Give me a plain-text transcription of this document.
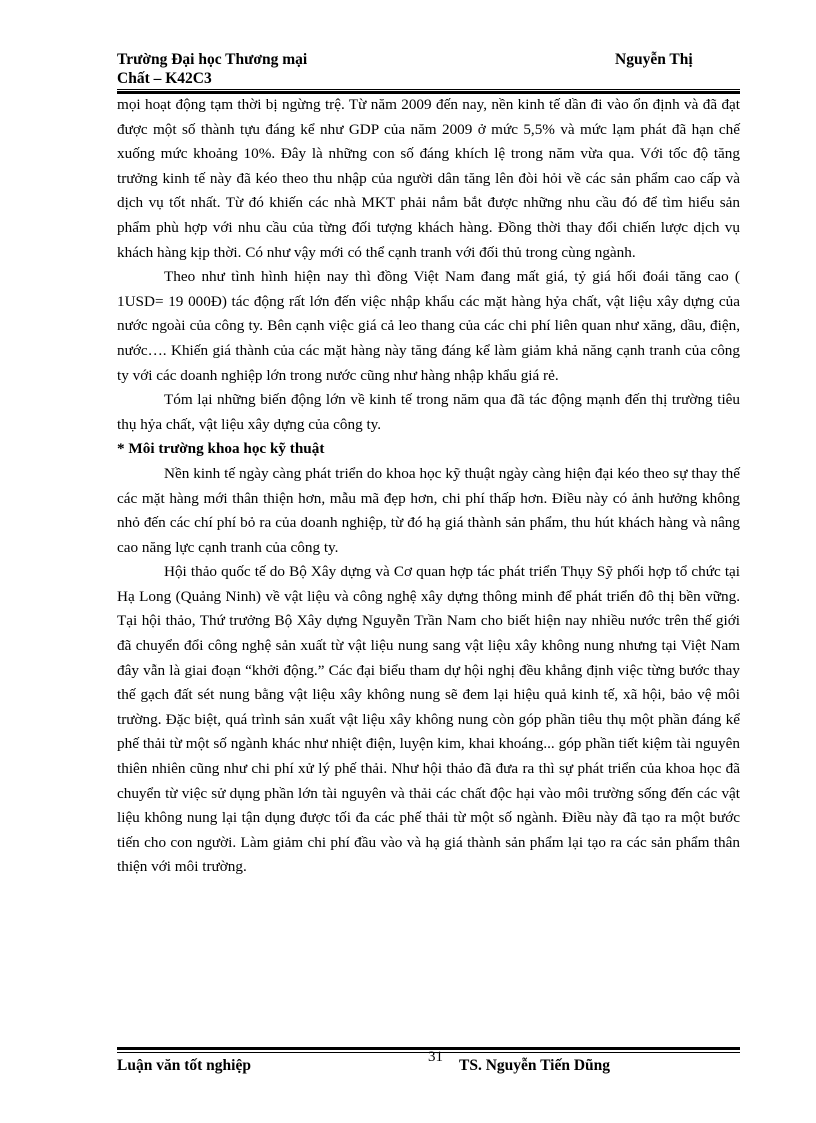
Trường Đại học Thương mại	Nguyễn Thị
Chất – K42C3

mọi hoạt động tạm thời bị ngừng trệ. Từ năm 2009 đến nay, nền kinh tế dần đi vào ổn định và đã đạt được một số thành tựu đáng kể như GDP của năm 2009 ở mức 5,5% và mức lạm phát đã hạn chế xuống mức khoảng 10%. Đây là những con số đáng khích lệ trong năm vừa qua. Với tốc độ tăng trưởng kinh tế này đã kéo theo thu nhập của người dân tăng lên đòi hỏi về các sản phẩm cao cấp và dịch vụ tốt nhất. Từ đó khiến các nhà MKT phải nắm bắt được những nhu cầu đó để tìm hiểu sản phẩm phù hợp với nhu cầu của từng đối tượng khách hàng. Đồng thời thay đổi chiến lược dịch vụ khách hàng kịp thời. Có như vậy mới có thể cạnh tranh với đối thủ trong cùng ngành.

Theo như tình hình hiện nay thì đồng Việt Nam đang mất giá, tỷ giá hối đoái tăng cao ( 1USD= 19 000Đ) tác động rất lớn đến việc nhập khẩu các mặt hàng hỷa chất, vật liệu xây dựng của nước ngoài của công ty. Bên cạnh việc giá cả leo thang của các chi phí liên quan như xăng, dầu, điện, nước…. Khiến giá thành của các mặt hàng này tăng đáng kể làm giảm khả năng cạnh tranh của công ty với các doanh nghiệp lớn trong nước cũng như hàng nhập khẩu giá rẻ.

Tóm lại những biến động lớn về kinh tế trong năm qua đã tác động mạnh đến thị trường tiêu thụ hỷa chất, vật liệu xây dựng của công ty.

* Môi trường khoa học kỹ thuật

Nền kinh tế ngày càng phát triển do khoa học kỹ thuật ngày càng hiện đại kéo theo sự thay thế các mặt hàng mới thân thiện hơn, mẫu mã đẹp hơn, chi phí thấp hơn. Điều này có ảnh hưởng không nhỏ đến các chí phí bỏ ra của doanh nghiệp, từ đó hạ giá thành sản phẩm, thu hút khách hàng và nâng cao năng lực cạnh tranh của công ty.

Hội thảo quốc tế do Bộ Xây dựng và Cơ quan hợp tác phát triển Thụy Sỹ phối hợp tổ chức tại Hạ Long (Quảng Ninh) về vật liệu và công nghệ xây dựng thông minh để phát triển đô thị bền vững. Tại hội thảo, Thứ trưởng Bộ Xây dựng Nguyễn Trần Nam cho biết hiện nay nhiều nước trên thế giới đã chuyển đổi công nghệ sản xuất từ vật liệu nung sang vật liệu xây không nung nhưng tại Việt Nam đây vẫn là giai đoạn “khởi động.” Các đại biểu tham dự hội nghị đều khẳng định việc từng bước thay thế gạch đất sét nung bằng vật liệu xây không nung sẽ đem lại hiệu quả kinh tế, xã hội, bảo vệ môi trường. Đặc biệt, quá trình sản xuất vật liệu xây không nung còn góp phần tiêu thụ một phần đáng kể phế thải từ một số ngành khác như nhiệt điện, luyện kim, khai khoáng... góp phần tiết kiệm tài nguyên thiên nhiên cũng như chi phí xử lý phế thải. Như hội thảo đã đưa ra thì sự phát triển của khoa học đã chuyển từ việc sử dụng phần lớn tài nguyên và thải các chất độc hại vào môi trường sống đến các vật liệu không nung lại tận dụng được tối đa các phế thải từ một số ngành. Điều này đã tạo ra một bước tiến cho con người. Làm giảm chi phí đầu vào và hạ giá thành sản phẩm lại tạo ra các sản phẩm thân thiện với môi trường.

Luận văn tốt nghiệp	31 TS. Nguyễn Tiến Dũng
